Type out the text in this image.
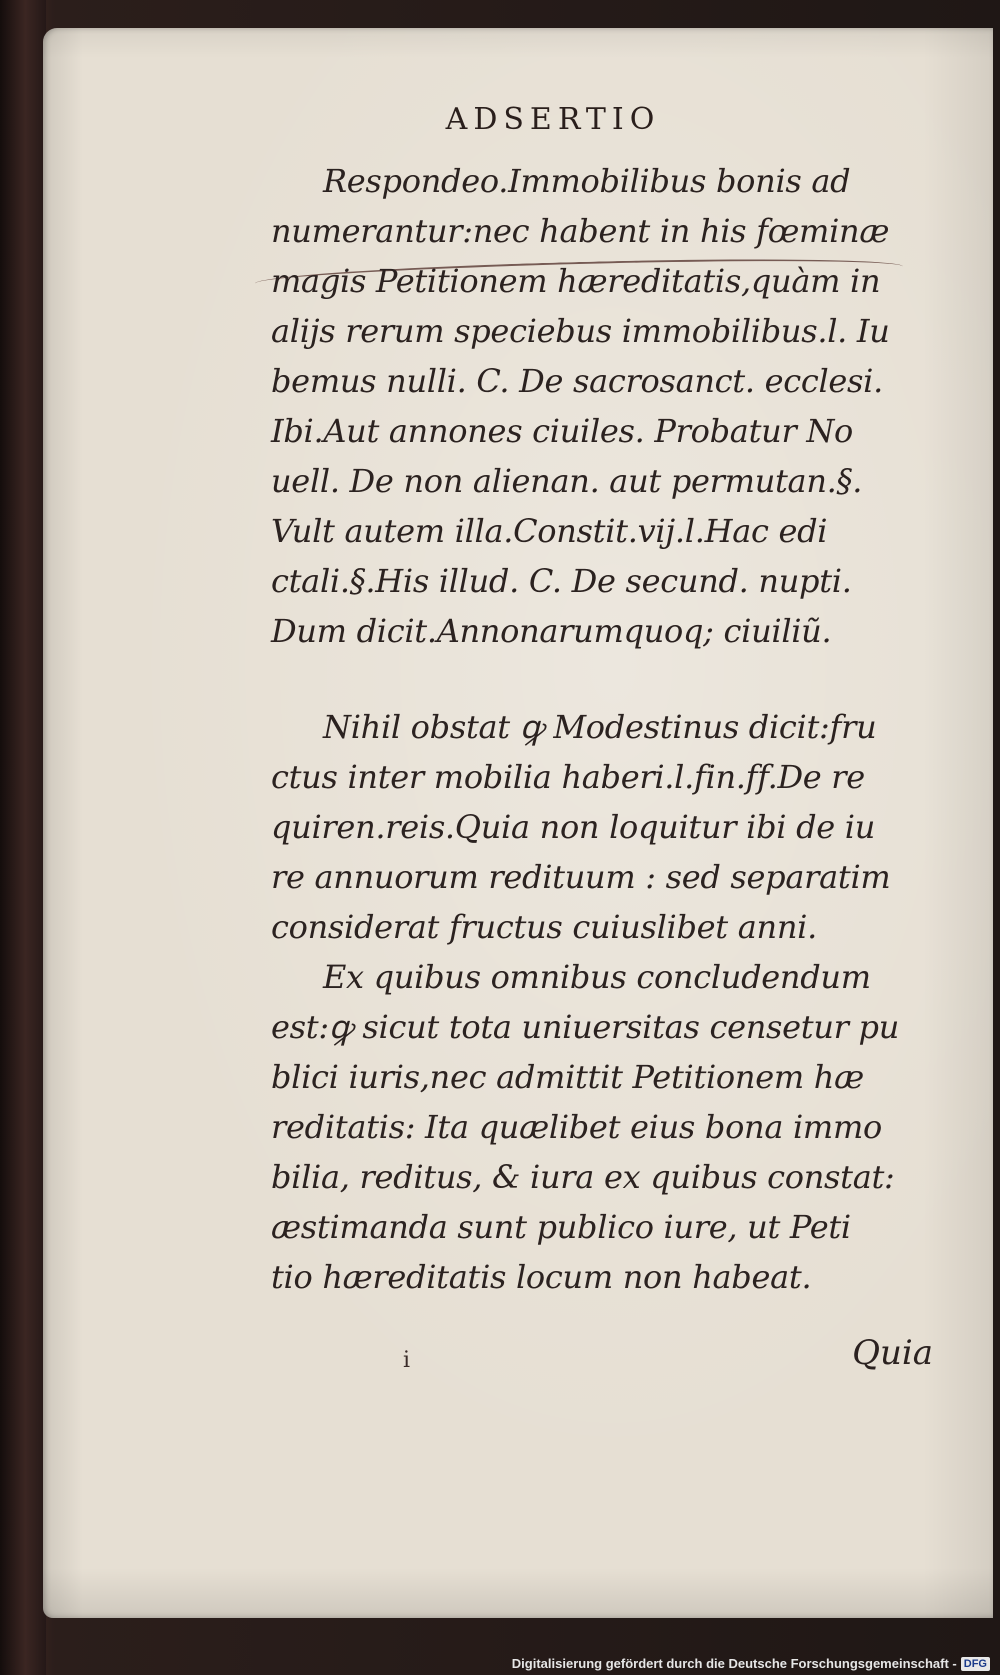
ADSERTIO
Respondeo.Immobilibus bonis ad
numerantur:nec habent in his fœminæ
magis Petitionem hæreditatis,quàm in
alijs rerum speciebus immobilibus.l. Iu
bemus nulli. C. De sacrosanct. ecclesi.
Ibi.Aut annones ciuiles. Probatur No
uell. De non alienan. aut permutan.§.
Vult autem illa.Constit.vij.l.Hac edi
ctali.§.His illud. C. De secund. nupti.
Dum dicit.Annonarumquoq; ciuiliũ.
Nihil obstat ꝙ Modestinus dicit:fru
ctus inter mobilia haberi.l.fin.ff.De re
quiren.reis.Quia non loquitur ibi de iu
re annuorum redituum : sed separatim
considerat fructus cuiuslibet anni.
Ex quibus omnibus concludendum
est:ꝙ sicut tota uniuersitas censetur pu
blici iuris,nec admittit Petitionem hæ
reditatis: Ita quælibet eius bona immo
bilia, reditus, & iura ex quibus constat:
æstimanda sunt publico iure, ut Peti
tio hæreditatis locum non habeat.
i	Quia
Digitalisierung gefördert durch die Deutsche Forschungsgemeinschaft - DFG
